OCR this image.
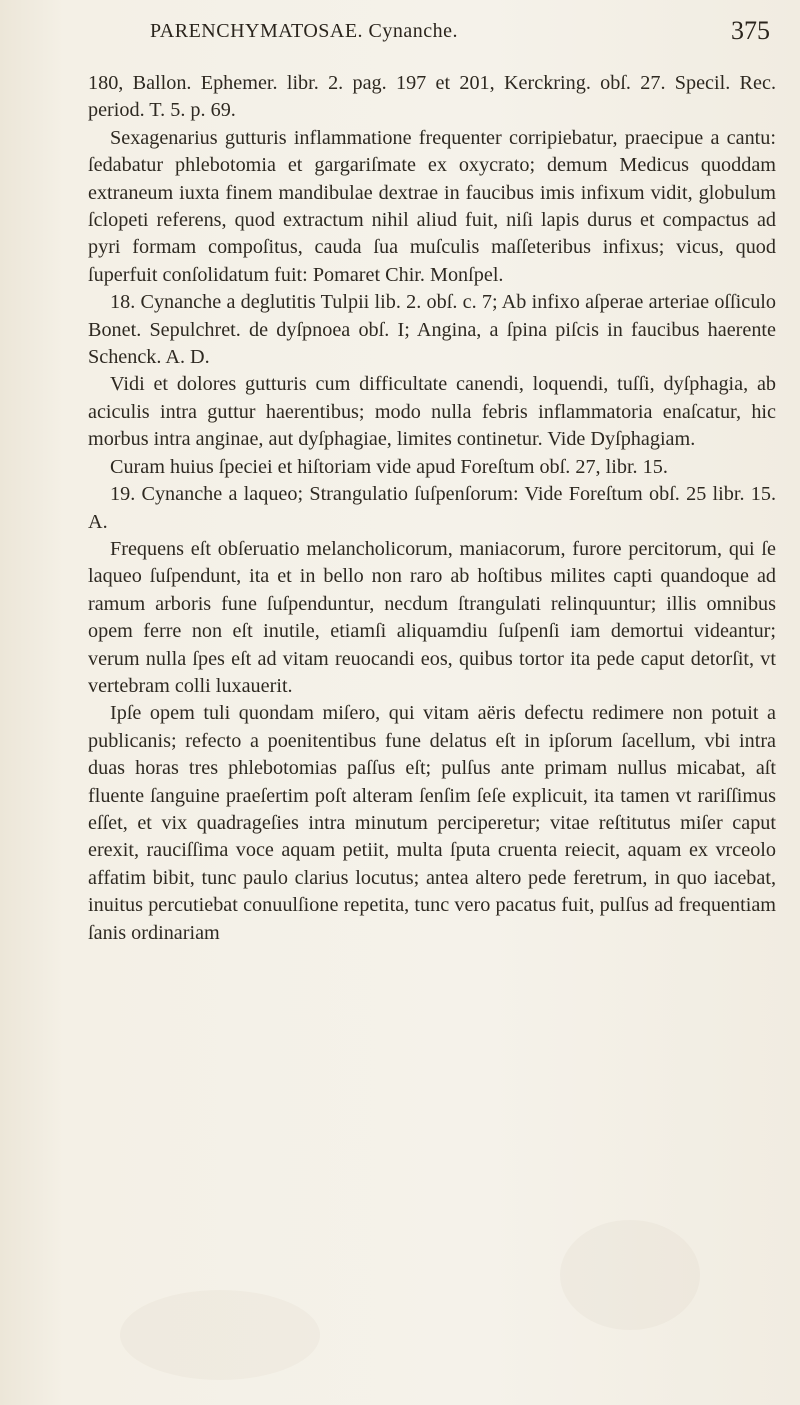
PARENCHYMATOSAE. Cynanche.	375

180, Ballon. Ephemer. libr. 2. pag. 197 et 201, Kerckring. obſ. 27. Specil. Rec. period. T. 5. p. 69.

Sexagenarius gutturis inflammatione frequenter corripiebatur, praecipue a cantu: ſedabatur phlebotomia et gargariſmate ex oxycrato; demum Medicus quoddam extraneum iuxta finem mandibulae dextrae in faucibus imis infixum vidit, globulum ſclopeti referens, quod extractum nihil aliud fuit, niſi lapis durus et compactus ad pyri formam compoſitus, cauda ſua muſculis maſſeteribus infixus; vicus, quod ſuperfuit conſolidatum fuit: Pomaret Chir. Monſpel.

18. Cynanche a deglutitis Tulpii lib. 2. obſ. c. 7; Ab infixo aſperae arteriae oſſiculo Bonet. Sepulchret. de dyſpnoea obſ. I; Angina, a ſpina piſcis in faucibus haerente Schenck. A. D.

Vidi et dolores gutturis cum difficultate canendi, loquendi, tuſſi, dyſphagia, ab aciculis intra guttur haerentibus; modo nulla febris inflammatoria enaſcatur, hic morbus intra anginae, aut dyſphagiae, limites continetur. Vide Dyſphagiam.

Curam huius ſpeciei et hiſtoriam vide apud Foreſtum obſ. 27, libr. 15.

19. Cynanche a laqueo; Strangulatio ſuſpenſorum: Vide Foreſtum obſ. 25 libr. 15. A.

Frequens eſt obſeruatio melancholicorum, maniacorum, furore percitorum, qui ſe laqueo ſuſpendunt, ita et in bello non raro ab hoſtibus milites capti quandoque ad ramum arboris fune ſuſpenduntur, necdum ſtrangulati relinquuntur; illis omnibus opem ferre non eſt inutile, etiamſi aliquamdiu ſuſpenſi iam demortui videantur; verum nulla ſpes eſt ad vitam reuocandi eos, quibus tortor ita pede caput detorſit, vt vertebram colli luxauerit.

Ipſe opem tuli quondam miſero, qui vitam aëris defectu redimere non potuit a publicanis; refecto a poenitentibus fune delatus eſt in ipſorum ſacellum, vbi intra duas horas tres phlebotomias paſſus eſt; pulſus ante primam nullus micabat, aſt fluente ſanguine praeſertim poſt alteram ſenſim ſeſe explicuit, ita tamen vt rariſſimus eſſet, et vix quadrageſies intra minutum perciperetur; vitae reſtitutus miſer caput erexit, rauciſſima voce aquam petiit, multa ſputa cruenta reiecit, aquam ex vrceolo affatim bibit, tunc paulo clarius locutus; antea altero pede feretrum, in quo iacebat, inuitus percutiebat conuulſione repetita, tunc vero pacatus fuit, pulſus ad frequentiam ſanis ordinariam
